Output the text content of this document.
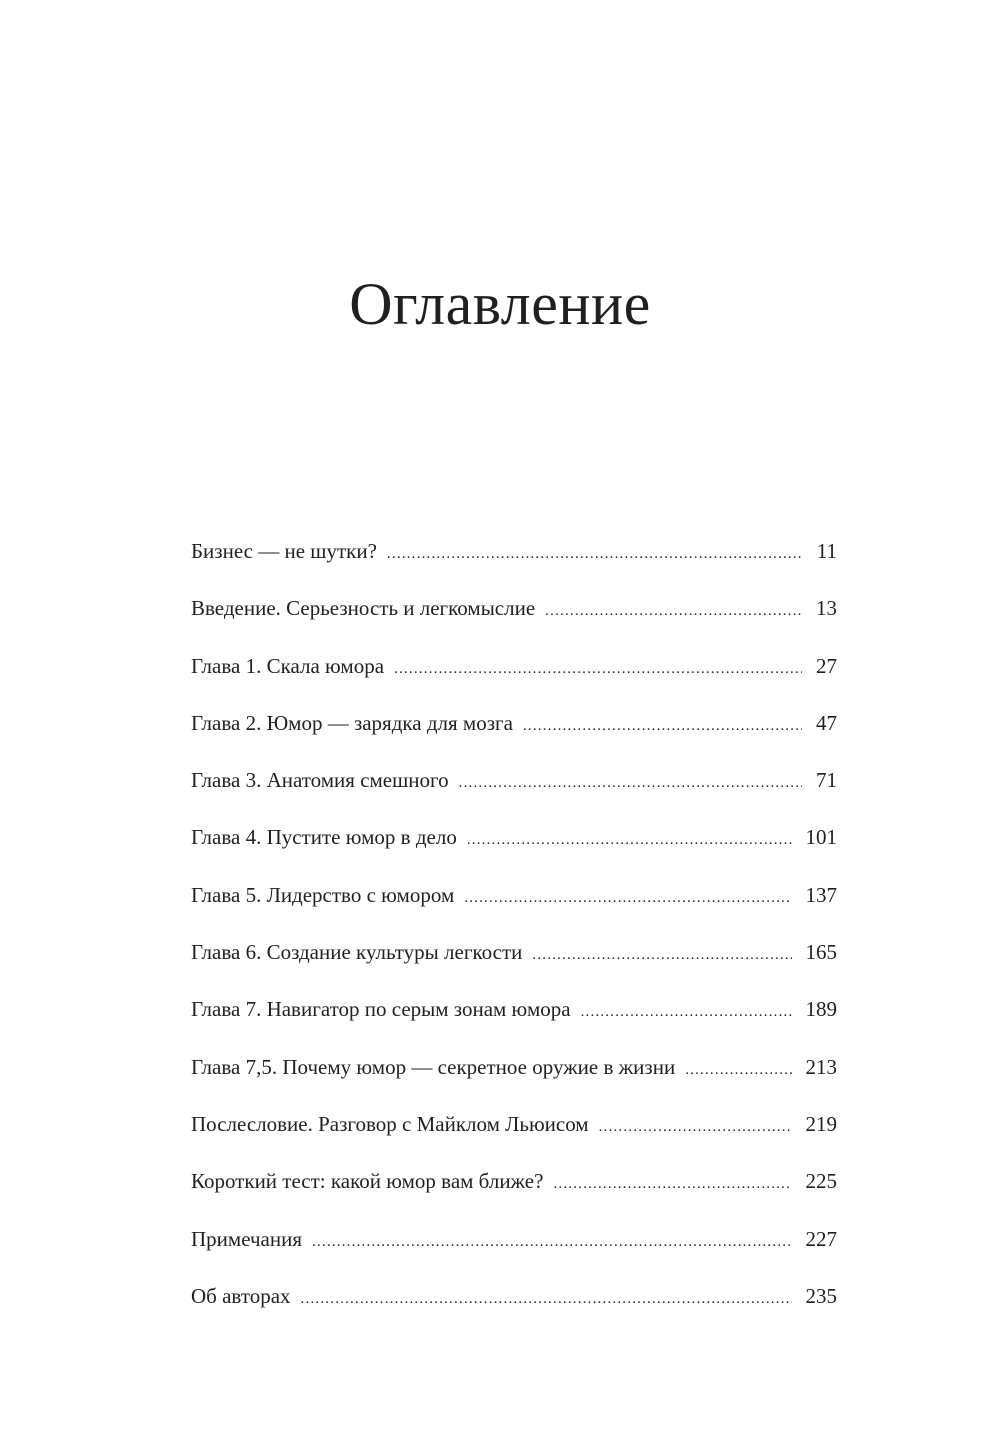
Оглавление
Бизнес — не шутки? .....	11
Введение. Серьезность и легкомыслие .....	13
Глава 1. Скала юмора .....	27
Глава 2. Юмор — зарядка для мозга .....	47
Глава 3. Анатомия смешного .....	71
Глава 4. Пустите юмор в дело .....	101
Глава 5. Лидерство с юмором .....	137
Глава 6. Создание культуры легкости .....	165
Глава 7. Навигатор по серым зонам юмора .....	189
Глава 7,5. Почему юмор — секретное оружие в жизни .....	213
Послесловие. Разговор с Майклом Льюисом .....	219
Короткий тест: какой юмор вам ближе? .....	225
Примечания .....	227
Об авторах .....	235
